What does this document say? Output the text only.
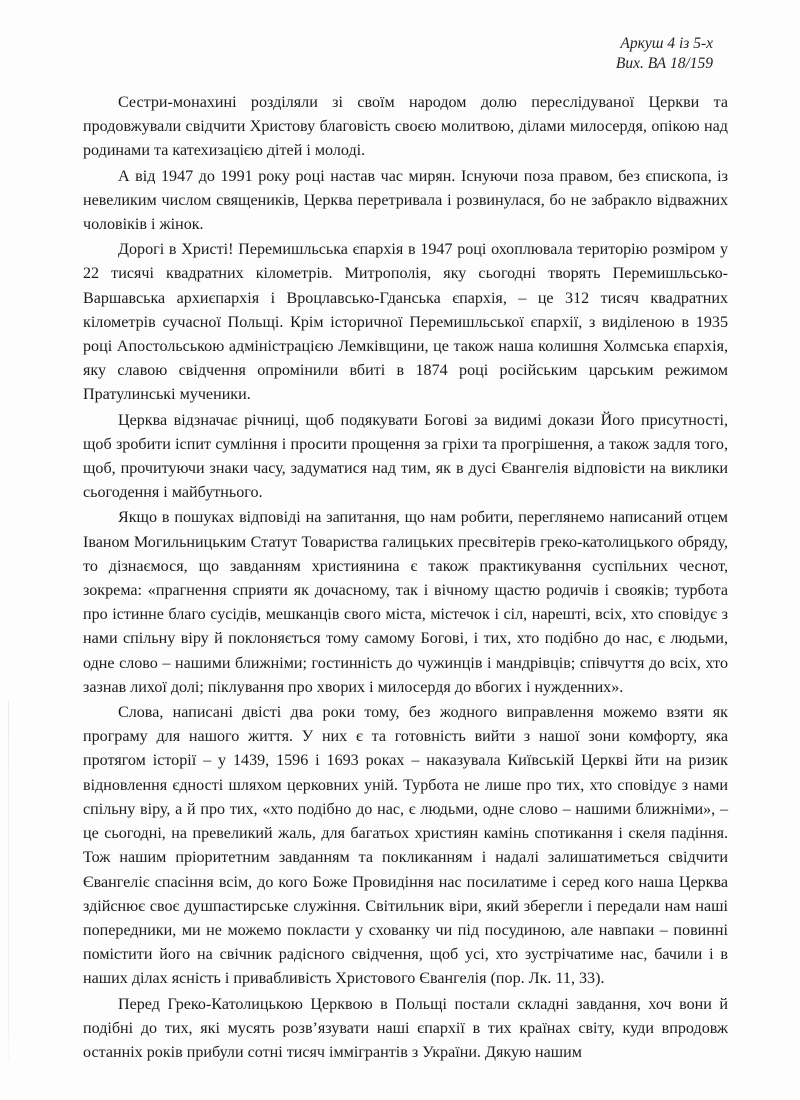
Аркуш 4 із 5-х
Вих. ВА 18/159

Сестри-монахині розділяли зі своїм народом долю переслідуваної Церкви та продовжували свідчити Христову благовість своєю молитвою, ділами милосердя, опікою над родинами та катехизацією дітей і молоді.

А від 1947 до 1991 року році настав час мирян. Існуючи поза правом, без єпископа, із невеликим числом священиків, Церква перетривала і розвинулася, бо не забракло відважних чоловіків і жінок.

Дорогі в Христі! Перемишльська єпархія в 1947 році охоплювала територію розміром у 22 тисячі квадратних кілометрів. Митрополія, яку сьогодні творять Перемишльсько-Варшавська архиєпархія і Вроцлавсько-Гданська єпархія, – це 312 тисяч квадратних кілометрів сучасної Польщі. Крім історичної Перемишльської єпархії, з виділеною в 1935 році Апостольською адміністрацією Лемківщини, це також наша колишня Холмська єпархія, яку славою свідчення опромінили вбиті в 1874 році російським царським режимом Пратулинські мученики.

Церква відзначає річниці, щоб подякувати Богові за видимі докази Його присутності, щоб зробити іспит сумління і просити прощення за гріхи та прогрішення, а також задля того, щоб, прочитуючи знаки часу, задуматися над тим, як в дусі Євангелія відповісти на виклики сьогодення і майбутнього.

Якщо в пошуках відповіді на запитання, що нам робити, переглянемо написаний отцем Іваном Могильницьким Статут Товариства галицьких пресвітерів греко-католицького обряду, то дізнаємося, що завданням християнина є також практикування суспільних чеснот, зокрема: «прагнення сприяти як дочасному, так і вічному щастю родичів і свояків; турбота про істинне благо сусідів, мешканців свого міста, містечок і сіл, нарешті, всіх, хто сповідує з нами спільну віру й поклоняється тому самому Богові, і тих, хто подібно до нас, є людьми, одне слово – нашими ближніми; гостинність до чужинців і мандрівців; співчуття до всіх, хто зазнав лихої долі; піклування про хворих і милосердя до вбогих і нужденних».

Слова, написані двісті два роки тому, без жодного виправлення можемо взяти як програму для нашого життя. У них є та готовність вийти з нашої зони комфорту, яка протягом історії – у 1439, 1596 і 1693 роках – наказувала Київській Церкві йти на ризик відновлення єдності шляхом церковних уній. Турбота не лише про тих, хто сповідує з нами спільну віру, а й про тих, «хто подібно до нас, є людьми, одне слово – нашими ближніми», – це сьогодні, на превеликий жаль, для багатьох християн камінь спотикання і скеля падіння. Тож нашим пріоритетним завданням та покликанням і надалі залишатиметься свідчити Євангеліє спасіння всім, до кого Боже Провидіння нас посилатиме і серед кого наша Церква здійснює своє душпастирське служіння. Світильник віри, який зберегли і передали нам наші попередники, ми не можемо покласти у схованку чи під посудиною, але навпаки – повинні помістити його на свічник радісного свідчення, щоб усі, хто зустрічатиме нас, бачили і в наших ділах ясність і привабливість Христового Євангелія (пор. Лк. 11, 33).

Перед Греко-Католицькою Церквою в Польщі постали складні завдання, хоч вони й подібні до тих, які мусять розв’язувати наші єпархії в тих країнах світу, куди впродовж останніх років прибули сотні тисяч іммігрантів з України. Дякую нашим
